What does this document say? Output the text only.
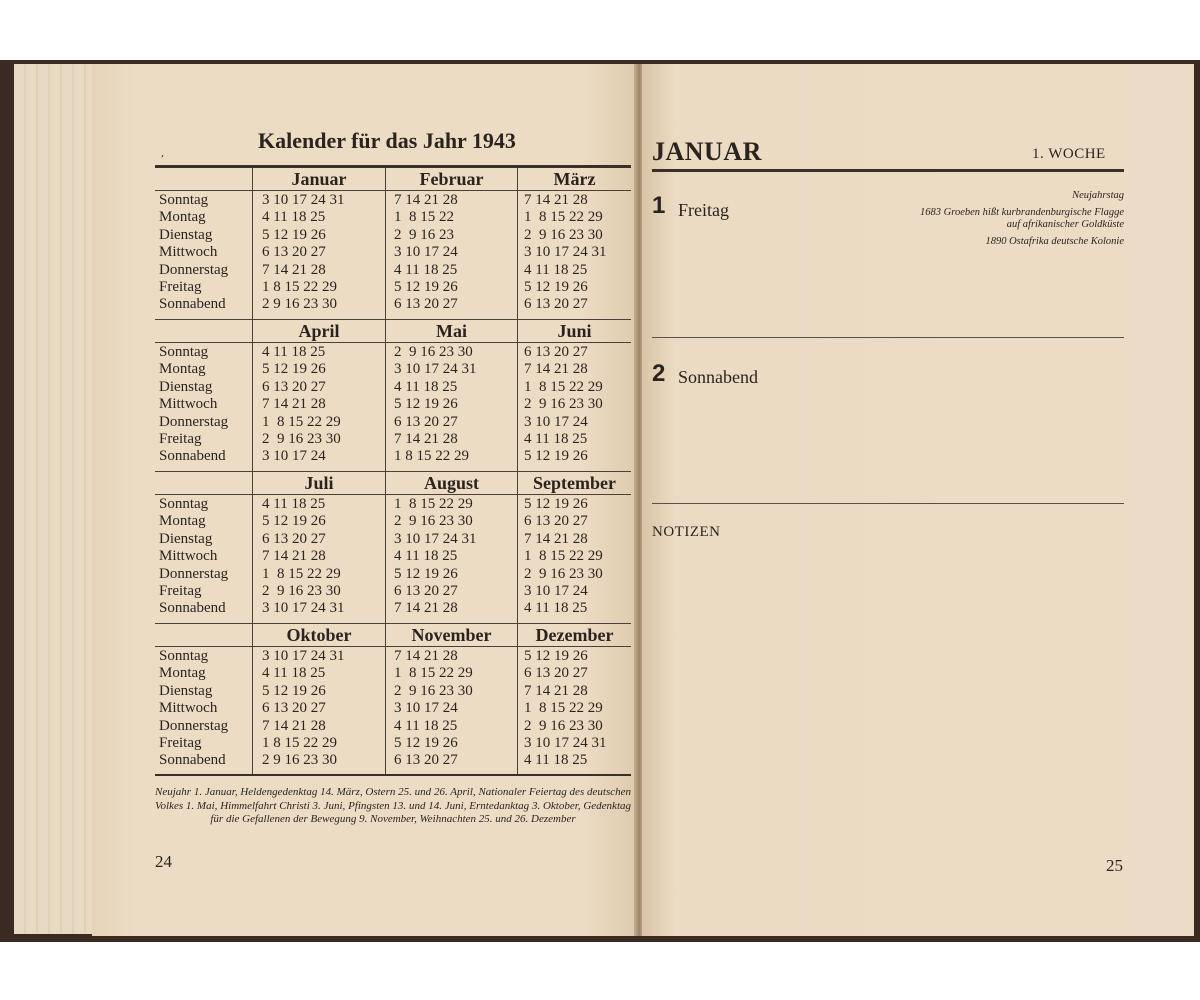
,
Kalender für das Jahr 1943
Sonntag
Montag
Dienstag
Mittwoch
Donnerstag
Freitag
Sonnabend
Januar
3 10 17 24 31
4 11 18 25
5 12 19 26
6 13 20 27
7 14 21 28
1 8 15 22 29
2 9 16 23 30
Februar
7 14 21 28
1  8 15 22
2  9 16 23
3 10 17 24
4 11 18 25
5 12 19 26
6 13 20 27
März
7 14 21 28
1  8 15 22 29
2  9 16 23 30
3 10 17 24 31
4 11 18 25
5 12 19 26
6 13 20 27
Sonntag
Montag
Dienstag
Mittwoch
Donnerstag
Freitag
Sonnabend
April
4 11 18 25
5 12 19 26
6 13 20 27
7 14 21 28
1  8 15 22 29
2  9 16 23 30
3 10 17 24
Mai
2  9 16 23 30
3 10 17 24 31
4 11 18 25
5 12 19 26
6 13 20 27
7 14 21 28
1 8 15 22 29
Juni
6 13 20 27
7 14 21 28
1  8 15 22 29
2  9 16 23 30
3 10 17 24
4 11 18 25
5 12 19 26
Sonntag
Montag
Dienstag
Mittwoch
Donnerstag
Freitag
Sonnabend
Juli
4 11 18 25
5 12 19 26
6 13 20 27
7 14 21 28
1  8 15 22 29
2  9 16 23 30
3 10 17 24 31
August
1  8 15 22 29
2  9 16 23 30
3 10 17 24 31
4 11 18 25
5 12 19 26
6 13 20 27
7 14 21 28
September
5 12 19 26
6 13 20 27
7 14 21 28
1  8 15 22 29
2  9 16 23 30
3 10 17 24
4 11 18 25
Sonntag
Montag
Dienstag
Mittwoch
Donnerstag
Freitag
Sonnabend
Oktober
3 10 17 24 31
4 11 18 25
5 12 19 26
6 13 20 27
7 14 21 28
1 8 15 22 29
2 9 16 23 30
November
7 14 21 28
1  8 15 22 29
2  9 16 23 30
3 10 17 24
4 11 18 25
5 12 19 26
6 13 20 27
Dezember
5 12 19 26
6 13 20 27
7 14 21 28
1  8 15 22 29
2  9 16 23 30
3 10 17 24 31
4 11 18 25
Neujahr 1. Januar, Heldengedenktag 14. März, Ostern 25. und 26. April, Nationaler Feiertag des deutschen Volkes 1. Mai, Himmelfahrt Christi 3. Juni, Pfingsten 13. und 14. Juni, Erntedanktag 3. Oktober, Gedenktag für die Gefallenen der Bewegung 9. November, Weihnachten 25. und 26. Dezember
24
JANUAR	1. WOCHE
1 Freitag
Neujahrstag
1683 Groeben hißt kurbrandenburgische Flagge auf afrikanischer Goldküste
1890 Ostafrika deutsche Kolonie
2 Sonnabend
NOTIZEN
25
